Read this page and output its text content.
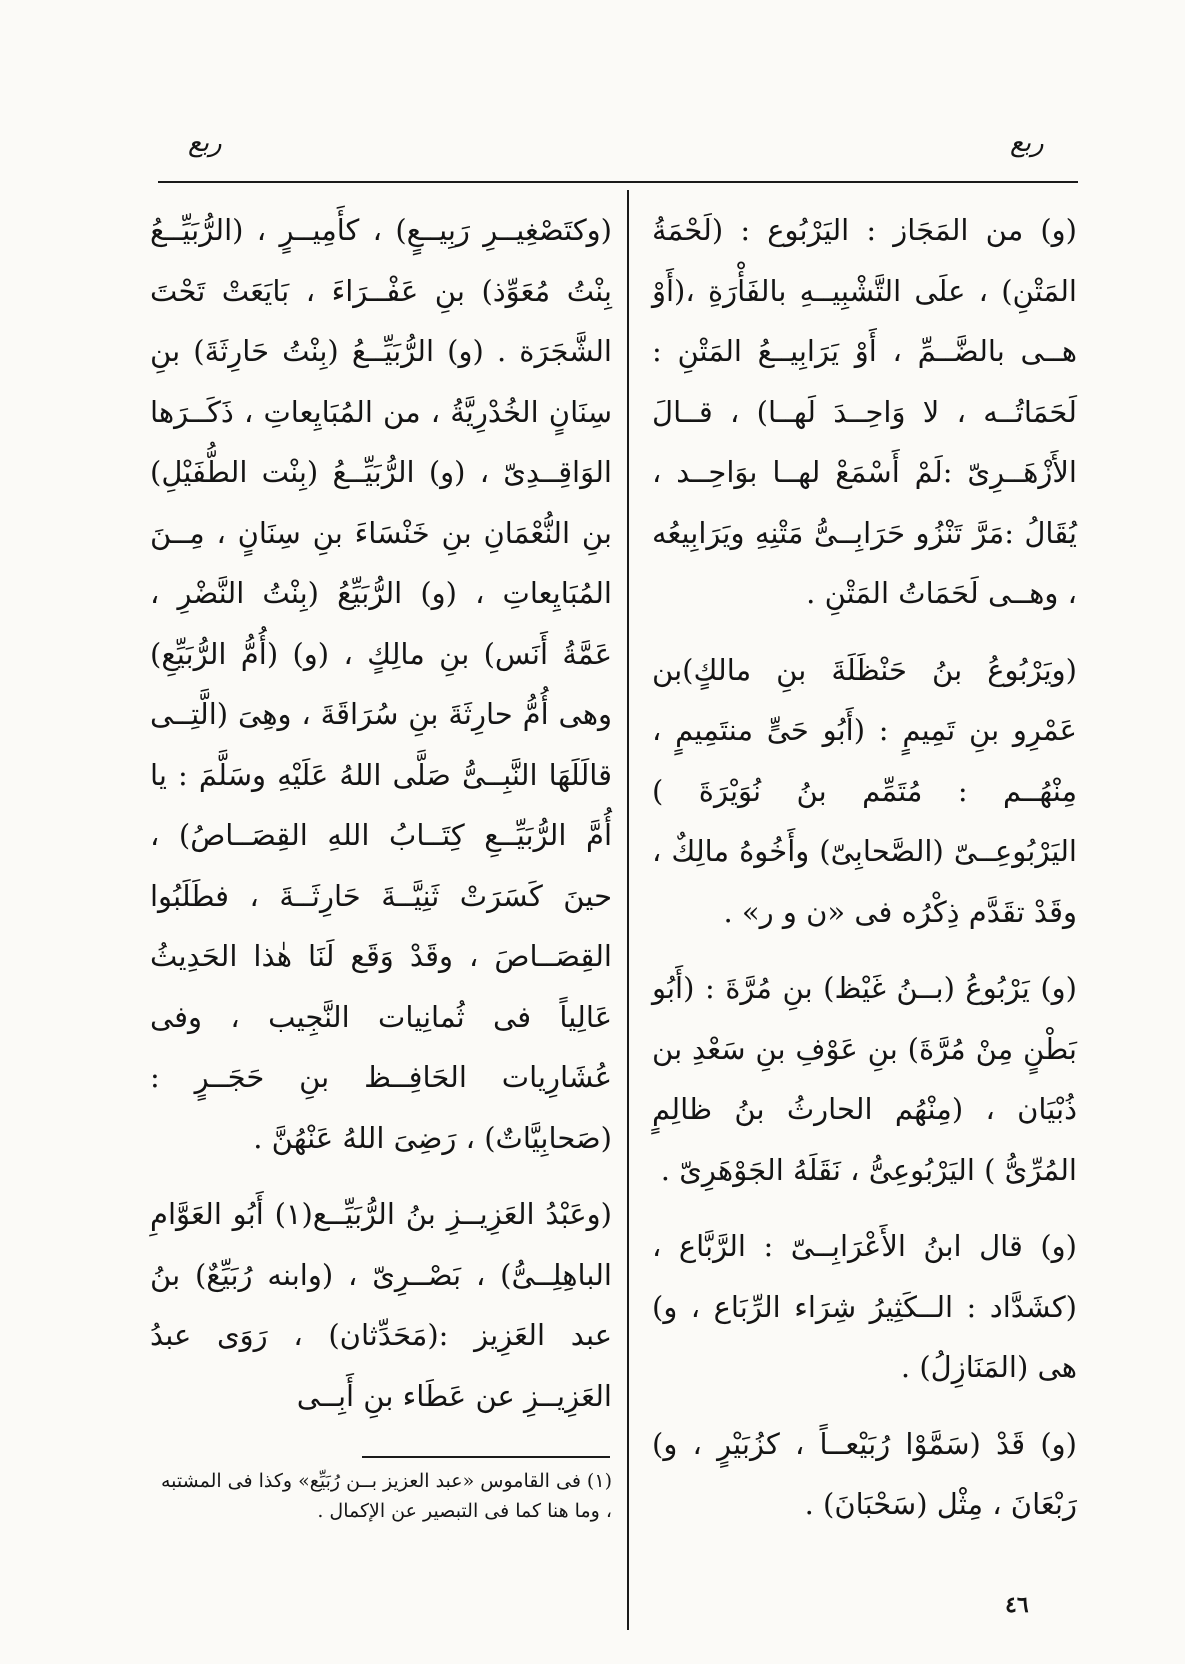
ربع	ربع

(و) من المَجَاز : اليَرْبُوع : (لَحْمَةُ المَتْنِ) ، علَى التَّشْبِيــهِ بالفَأْرَةِ ،(أَوْ هــى بالضَّــمِّ ، أَوْ يَرَابِيــعُ المَتْنِ : لَحَمَاتُــه ، لا وَاحِــدَ لَهــا) ، قــالَ الأَزْهَــرِىّ :لَمْ أَسْمَعْ لهــا بوَاحِــد ، يُقَالُ :مَرَّ تَنْزُو حَرَابِــىُّ مَتْنِهِ ويَرَابِيعُه ، وهــى لَحَمَاتُ المَتْنِ .

(ويَرْبُوعُ بنُ حَنْظَلَةَ بنِ مالكٍ)بن عَمْرِو بنِ تَمِيمٍ : (أَبُو حَىٍّ منتَمِيمٍ ، مِنْهُــم : مُتَمِّم بنُ نُوَيْرَةَ ) اليَرْبُوعِــىّ (الصَّحابِىّ) وأَخُوهُ مالِكٌ ، وقَدْ تقَدَّم ذِكْرُه فى «ن و ر» .

(و) يَرْبُوعُ (بــنُ غَيْظ) بنِ مُرَّةَ : (أَبُو بَطْنٍ مِنْ مُرَّةَ) بنِ عَوْفِ بنِ سَعْدِ بن ذُبْيَان ، (مِنْهُم الحارثُ بنُ ظالِمٍ المُرِّىُّ ) اليَرْبُوعِىُّ ، نَقَلَهُ الجَوْهَرِىّ .

(و) قال ابنُ الأَعْرَابِــىّ : الرَّبَّاع ، (كشَدَّاد : الــكَثِيرُ شِرَاء الرِّبَاع ، و) هى (المَنَازِلُ) .

(و) قَدْ (سَمَّوْا رُبَيْعــاً ، كزُبَيْرٍ ، و) رَبْعَانَ ، مِثْل (سَحْبَانَ) .

(وكتَصْغِيــرِ رَبِيــعٍ) ، كأَمِيــرٍ ، (الرُّبَيِّــعُ بِنْتُ مُعَوِّذ) بنِ عَفْــرَاءَ ، بَايَعَتْ تَحْتَ الشَّجَرَة . (و) الرُّبَيِّــعُ (بِنْتُ حَارِثَةَ) بنِ سِنَانٍ الخُدْرِيَّةُ ، من المُبَايِعاتِ ، ذَكَــرَها الوَاقِــدِىّ ، (و) الرُّبَيِّــعُ (بِنْت الطُّفَيْلِ) بنِ النُّعْمَانِ بنِ خَنْسَاءَ بنِ سِنَانٍ ، مِــنَ المُبَايِعاتِ ، (و) الرُّبَيِّعُ (بِنْتُ النَّضْرِ ، عَمَّةُ أَنَس) بنِ مالِكٍ ، (و) (أُمُّ الرُّبَيِّعِ) وهى أُمُّ حارِثَةَ بنِ سُرَاقَةَ ، وهِىَ (الَّتِــى قالَلَهَا النَّبِــىُّ صَلَّى اللهُ عَلَيْهِ وسَلَّمَ : يا أُمَّ الرُّبَيِّــعِ كِتَــابُ اللهِ القِصَــاصُ) ، حينَ كَسَرَتْ ثَنِيَّــةَ حَارِثَــةَ ، فطَلَبُوا القِصَــاصَ ، وقَدْ وَقَع لَنَا هٰذا الحَدِيثُ عَالِياً فى ثُمانِيات النَّجِيب ، وفى عُشَارِيات الحَافِــظ بنِ حَجَــرٍ :(صَحابِيَّاتٌ) ، رَضِىَ اللهُ عَنْهُنَّ .

(وعَبْدُ العَزِيــزِ بنُ الرُّبَيِّــع(١) أَبُو العَوَّامِ الباهِلِــىُّ) ، بَصْــرِىّ ، (وابنه رُبَيِّعٌ) بنُ عبد العَزِيز :(مَحَدِّثان) ، رَوَى عبدُ العَزِيــزِ عن عَطَاء بنِ أَبِــى

(١) فى القاموس «عبد العزيز بــن رُبَيِّع» وكذا فى المشتبه ، وما هنا كما فى التبصير عن الإكمال .

٤٦
